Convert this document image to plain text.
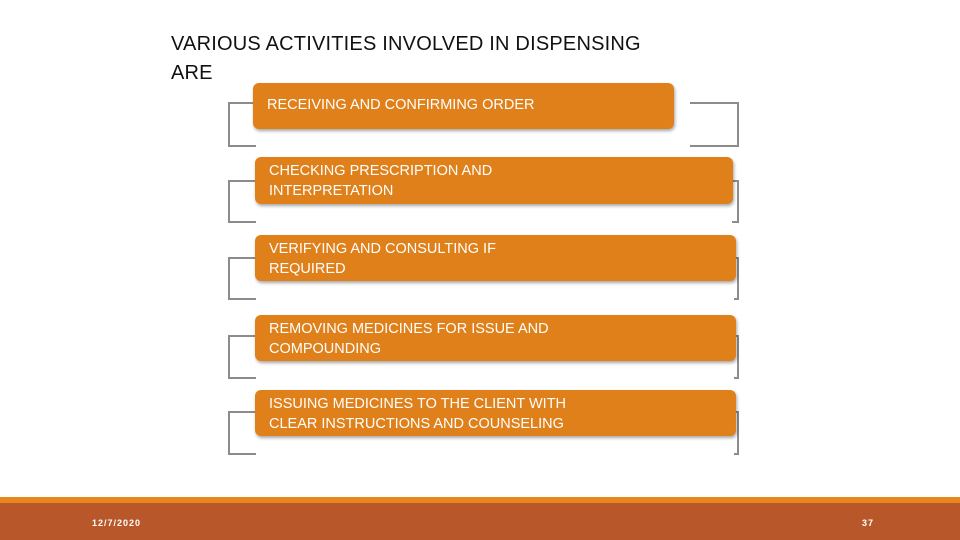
VARIOUS ACTIVITIES INVOLVED IN DISPENSING
ARE
RECEIVING AND CONFIRMING ORDER
CHECKING PRESCRIPTION AND
INTERPRETATION
VERIFYING AND CONSULTING IF
REQUIRED
REMOVING MEDICINES FOR ISSUE AND
COMPOUNDING
ISSUING MEDICINES TO THE CLIENT WITH
CLEAR INSTRUCTIONS AND COUNSELING
12/7/2020	37
